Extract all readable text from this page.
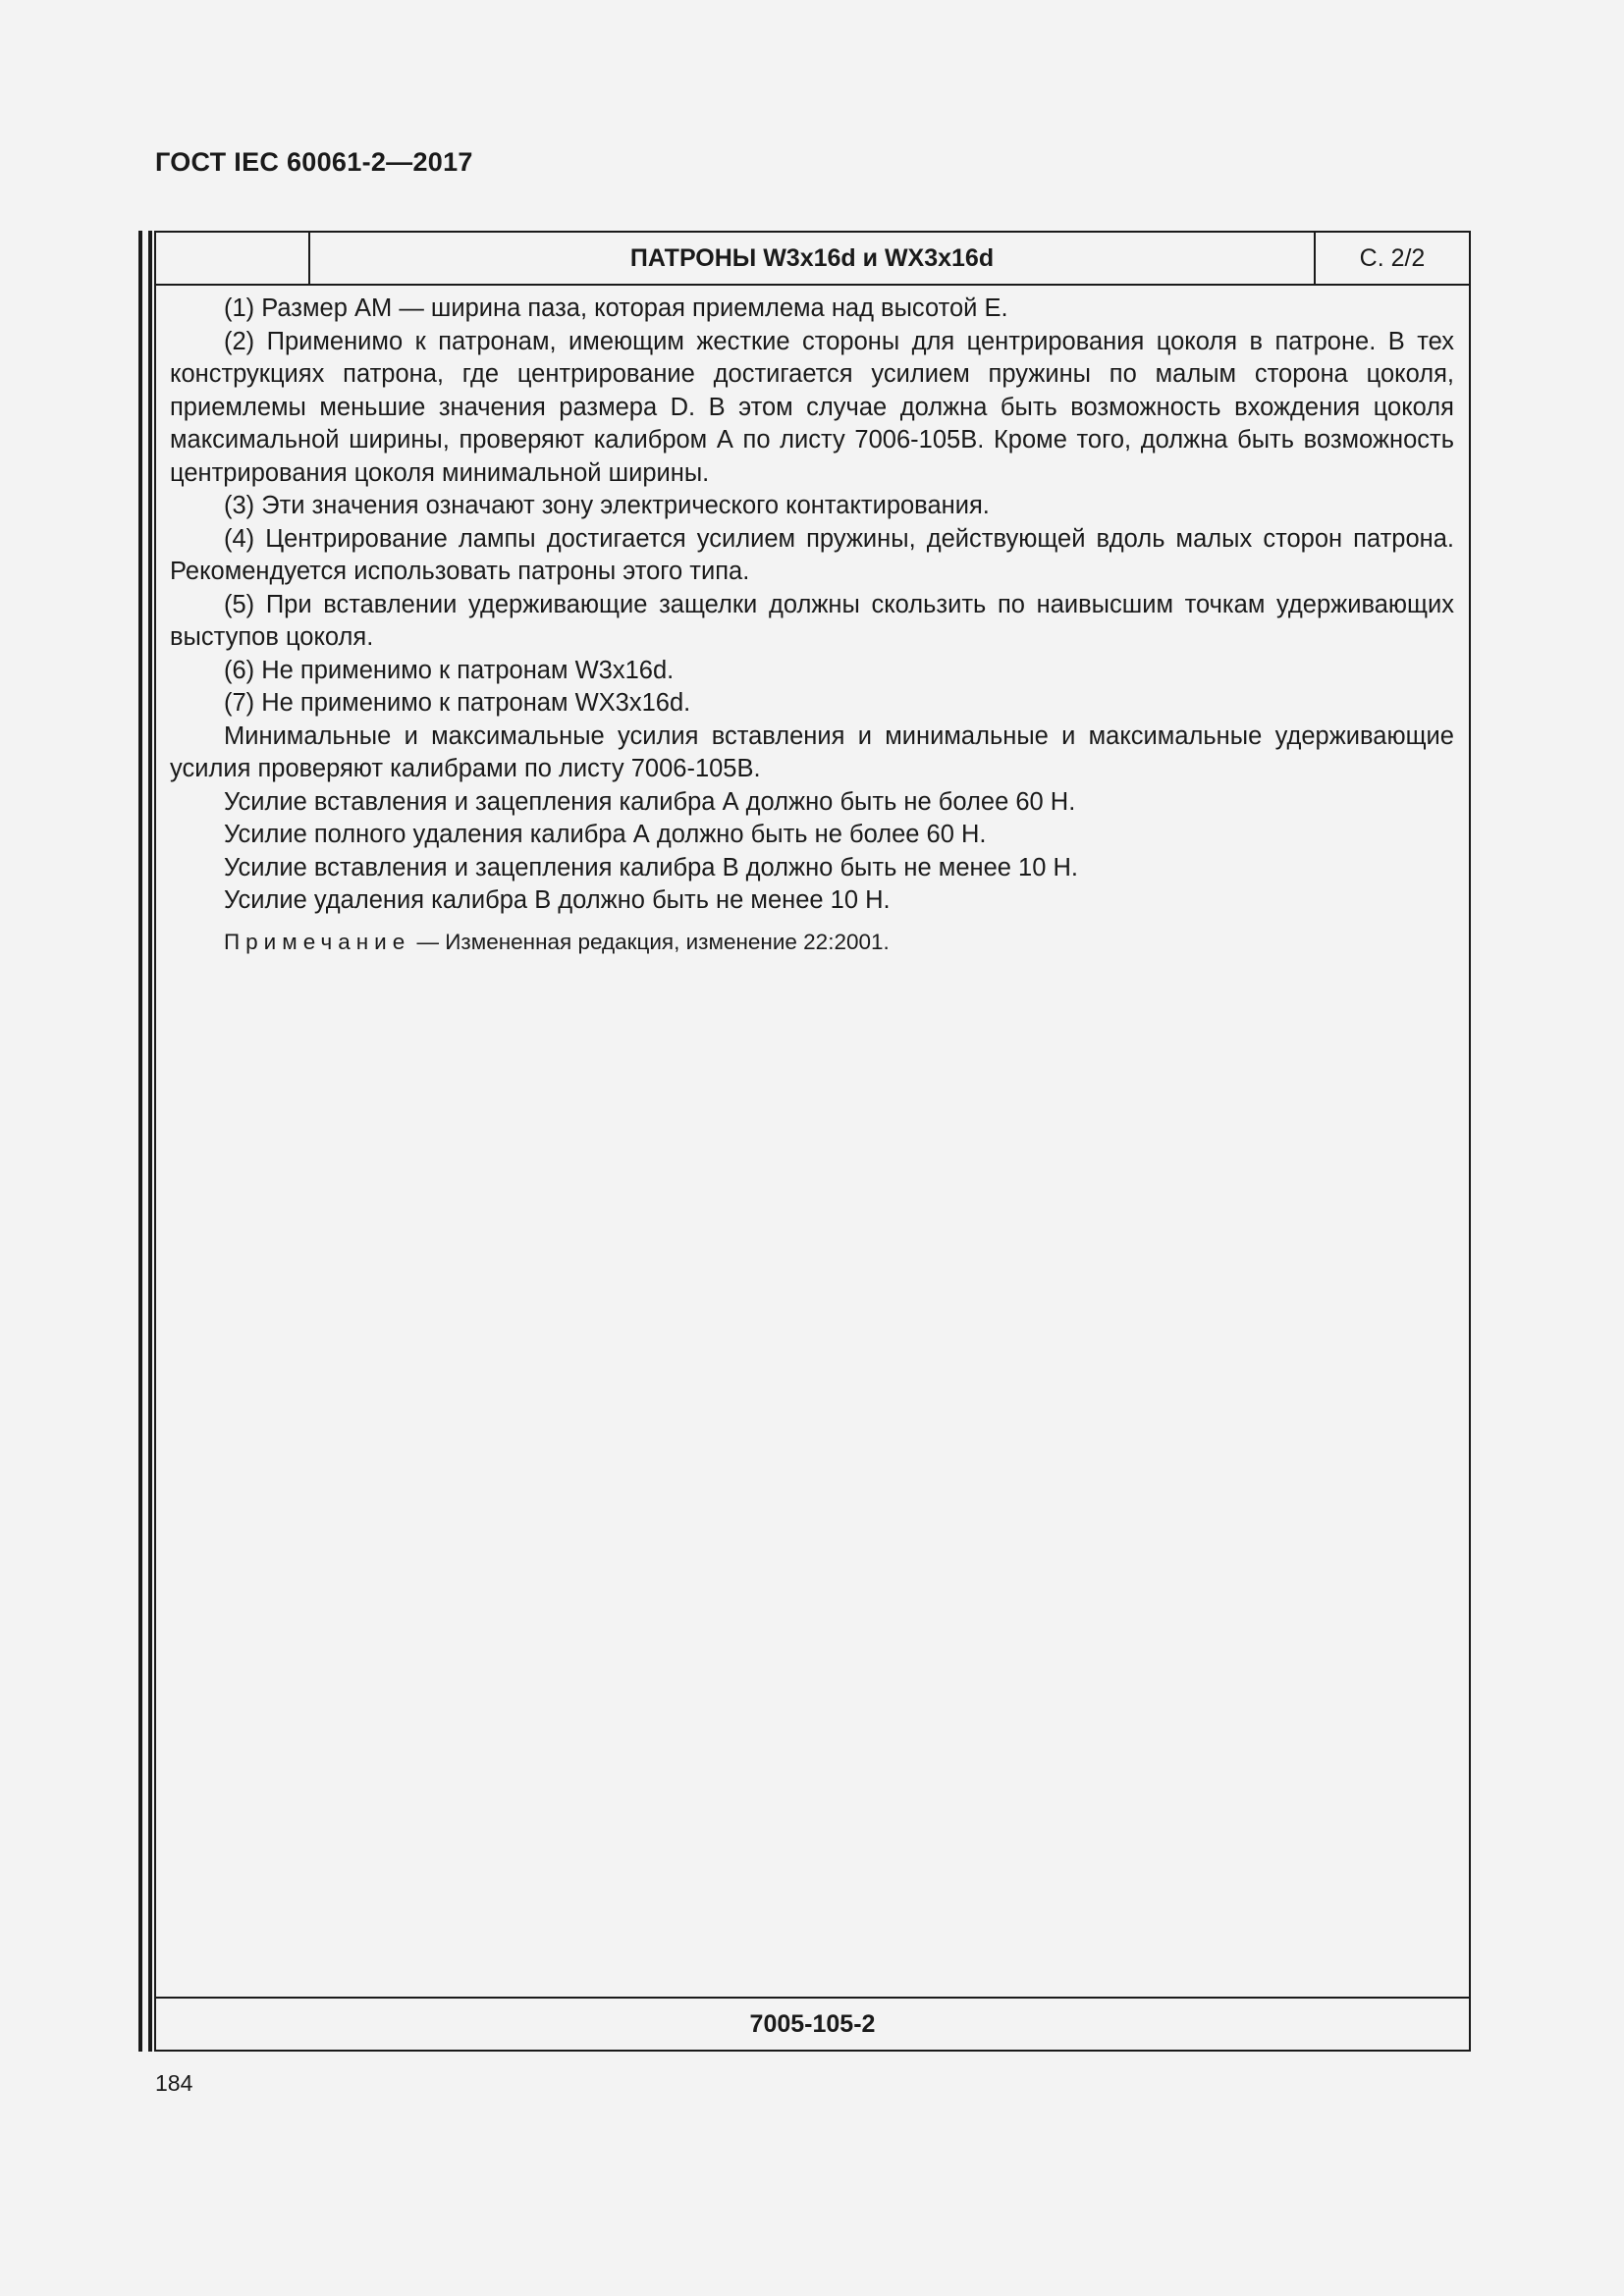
ГОСТ IEC 60061-2—2017
ПАТРОНЫ W3x16d и WX3x16d	С. 2/2

(1) Размер АМ — ширина паза, которая приемлема над высотой Е.

(2) Применимо к патронам, имеющим жесткие стороны для центрирования цоколя в патроне. В тех конструкциях патрона, где центрирование достигается усилием пружины по малым сторона цоколя, приемлемы меньшие значения размера D. В этом случае должна быть возможность вхождения цоколя максимальной ширины, проверяют калибром А по листу 7006-105В. Кроме того, должна быть возможность центрирования цоколя минимальной ширины.

(3) Эти значения означают зону электрического контактирования.

(4) Центрирование лампы достигается усилием пружины, действующей вдоль малых сторон патрона. Рекомендуется использовать патроны этого типа.

(5) При вставлении удерживающие защелки должны скользить по наивысшим точкам удерживающих выступов цоколя.

(6) Не применимо к патронам W3x16d.

(7) Не применимо к патронам WX3x16d.

Минимальные и максимальные усилия вставления и минимальные и максимальные удерживающие усилия проверяют калибрами по листу 7006-105В.

Усилие вставления и зацепления калибра А должно быть не более 60 Н.

Усилие полного удаления калибра А должно быть не более 60 Н.

Усилие вставления и зацепления калибра В должно быть не менее 10 Н.

Усилие удаления калибра В должно быть не менее 10 Н.

Примечание — Измененная редакция, изменение 22:2001.

7005-105-2
184
